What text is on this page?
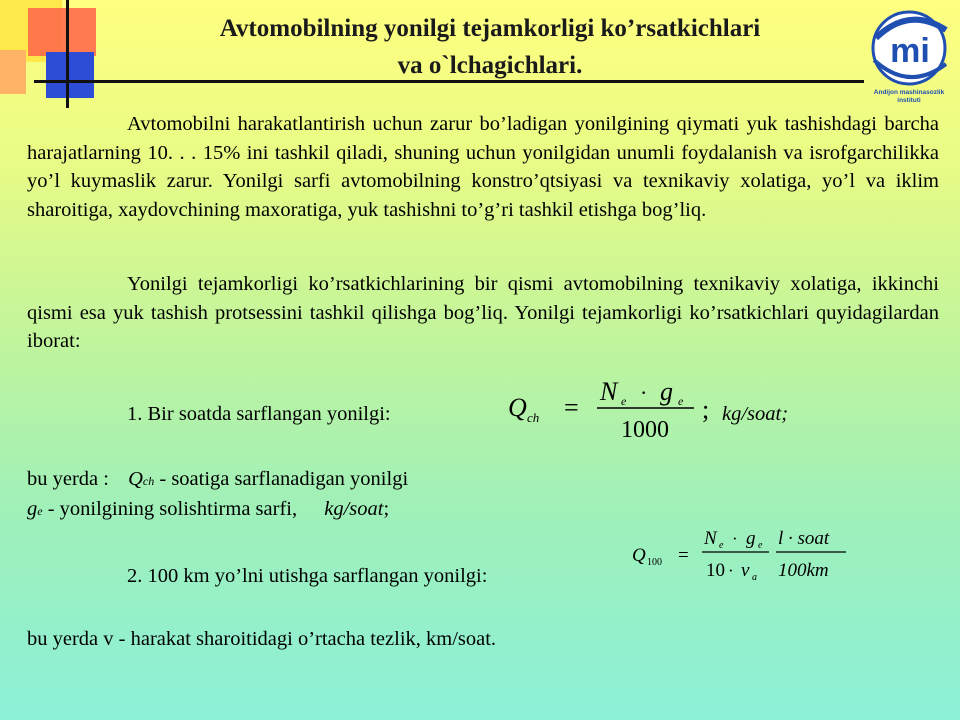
Avtomobilning yonilgi tejamkorligi ko’rsatkichlari
va o`lchagichlari.	mi
Andijon mashinasozlik
instituti

Avtomobilni harakatlantirish uchun zarur bo’ladigan yonilgining qiymati yuk tashishdagi barcha harajatlarning 10. . . 15% ini tashkil qiladi, shuning uchun yonilgidan unumli foydalanish va isrofgarchilikka yo’l kuymaslik zarur. Yonilgi sarfi avtomobilning konstro’qtsiyasi va texnikaviy xolatiga, yo’l va iklim sharoitiga, xaydovchining maxoratiga, yuk tashishni to’g’ri tashkil etishga bog’liq.

Yonilgi tejamkorligi ko’rsatkichlarining bir qismi avtomobilning texnikaviy xolatiga, ikkinchi qismi esa yuk tashish protsessini tashkil qilishga bog’liq. Yonilgi tejamkorligi ko’rsatkichlari quyidagilardan iborat:

1. Bir soatda sarflangan yonilgi:	Q ch =
N e · g e
1000
; kg/soat;
bu yerda : Qch - soatiga sarflanadigan yonilgi
ge - yonilgining solishtirma sarfi, kg/soat;
Q 100 =
N e · g e
10 · v a
l · soat
100km
2. 100 km yo’lni utishga sarflangan yonilgi:
bu yerda v - harakat sharoitidagi o’rtacha tezlik, km/soat.
